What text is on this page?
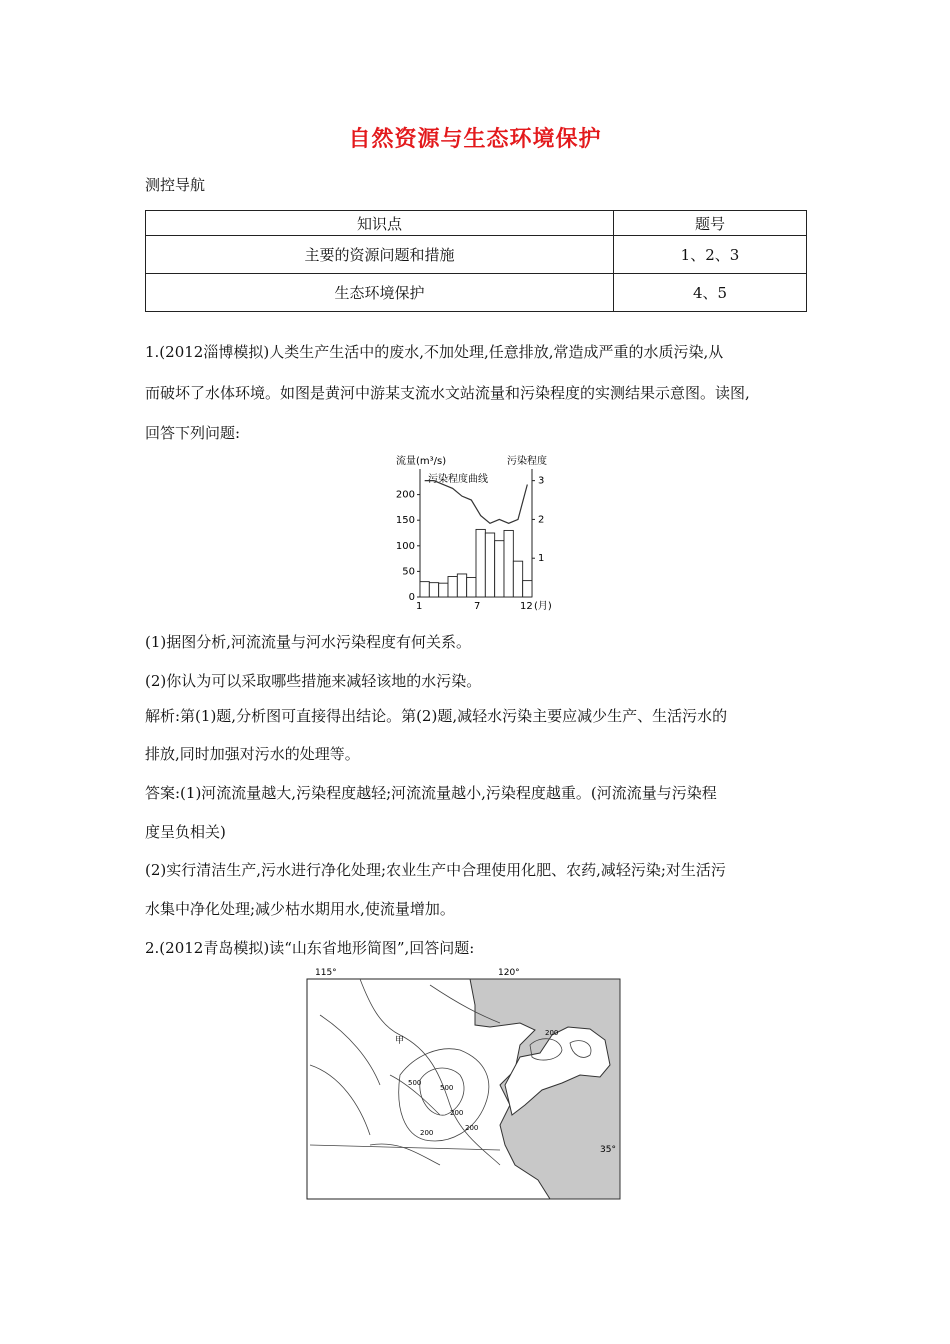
自然资源与生态环境保护
测控导航
知识点	题号
主要的资源问题和措施	1、2、3
生态环境保护	4、5
1.(2012淄博模拟)人类生产生活中的废水,不加处理,任意排放,常造成严重的水质污染,从
而破坏了水体环境。如图是黄河中游某支流水文站流量和污染程度的实测结果示意图。读图,
回答下列问题:
流量(m³/s)	污染程度
污染程度曲线
0
50
100
150
200
1
2
3
1	7	12 (月)
(1)据图分析,河流流量与河水污染程度有何关系。
(2)你认为可以采取哪些措施来减轻该地的水污染。
解析:第(1)题,分析图可直接得出结论。第(2)题,减轻水污染主要应减少生产、生活污水的
排放,同时加强对污水的处理等。
答案:(1)河流流量越大,污染程度越轻;河流流量越小,污染程度越重。(河流流量与污染程
度呈负相关)
(2)实行清洁生产,污水进行净化处理;农业生产中合理使用化肥、农药,减轻污染;对生活污
水集中净化处理;减少枯水期用水,使流量增加。
2.(2012青岛模拟)读“山东省地形简图”,回答问题:
115°	120°
甲
500
500
200
200
200
200
35°
